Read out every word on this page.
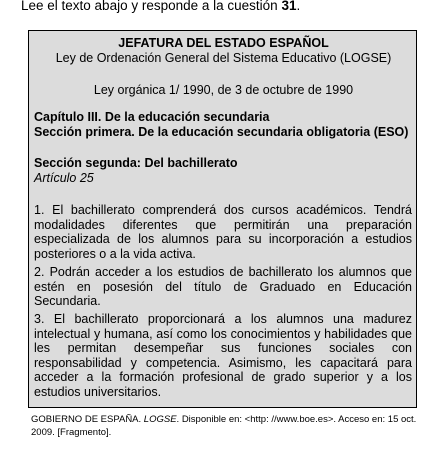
Lee el texto abajo y responde a la cuestión 31.
JEFATURA DEL ESTADO ESPAÑOL
Ley de Ordenación General del Sistema Educativo (LOGSE)
Ley orgánica 1/ 1990, de 3 de octubre de 1990
Capítulo III. De la educación secundaria
Sección primera. De la educación secundaria obligatoria (ESO)
Sección segunda: Del bachillerato
Artículo 25
1. El bachillerato comprenderá dos cursos académicos. Tendrá modalidades diferentes que permitirán una preparación especializada de los alumnos para su incorporación a estudios posteriores o a la vida activa.
2. Podrán acceder a los estudios de bachillerato los alumnos que estén en posesión del título de Graduado en Educación Secundaria.
3. El bachillerato proporcionará a los alumnos una madurez intelectual y humana, así como los conocimientos y habilidades que les permitan desempeñar sus funciones sociales con responsabilidad y competencia. Asimismo, les capacitará para acceder a la formación profesional de grado superior y a los estudios universitarios.
GOBIERNO DE ESPAÑA. LOGSE. Disponible en: <http: //www.boe.es>. Acceso en: 15 oct. 2009. [Fragmento].
